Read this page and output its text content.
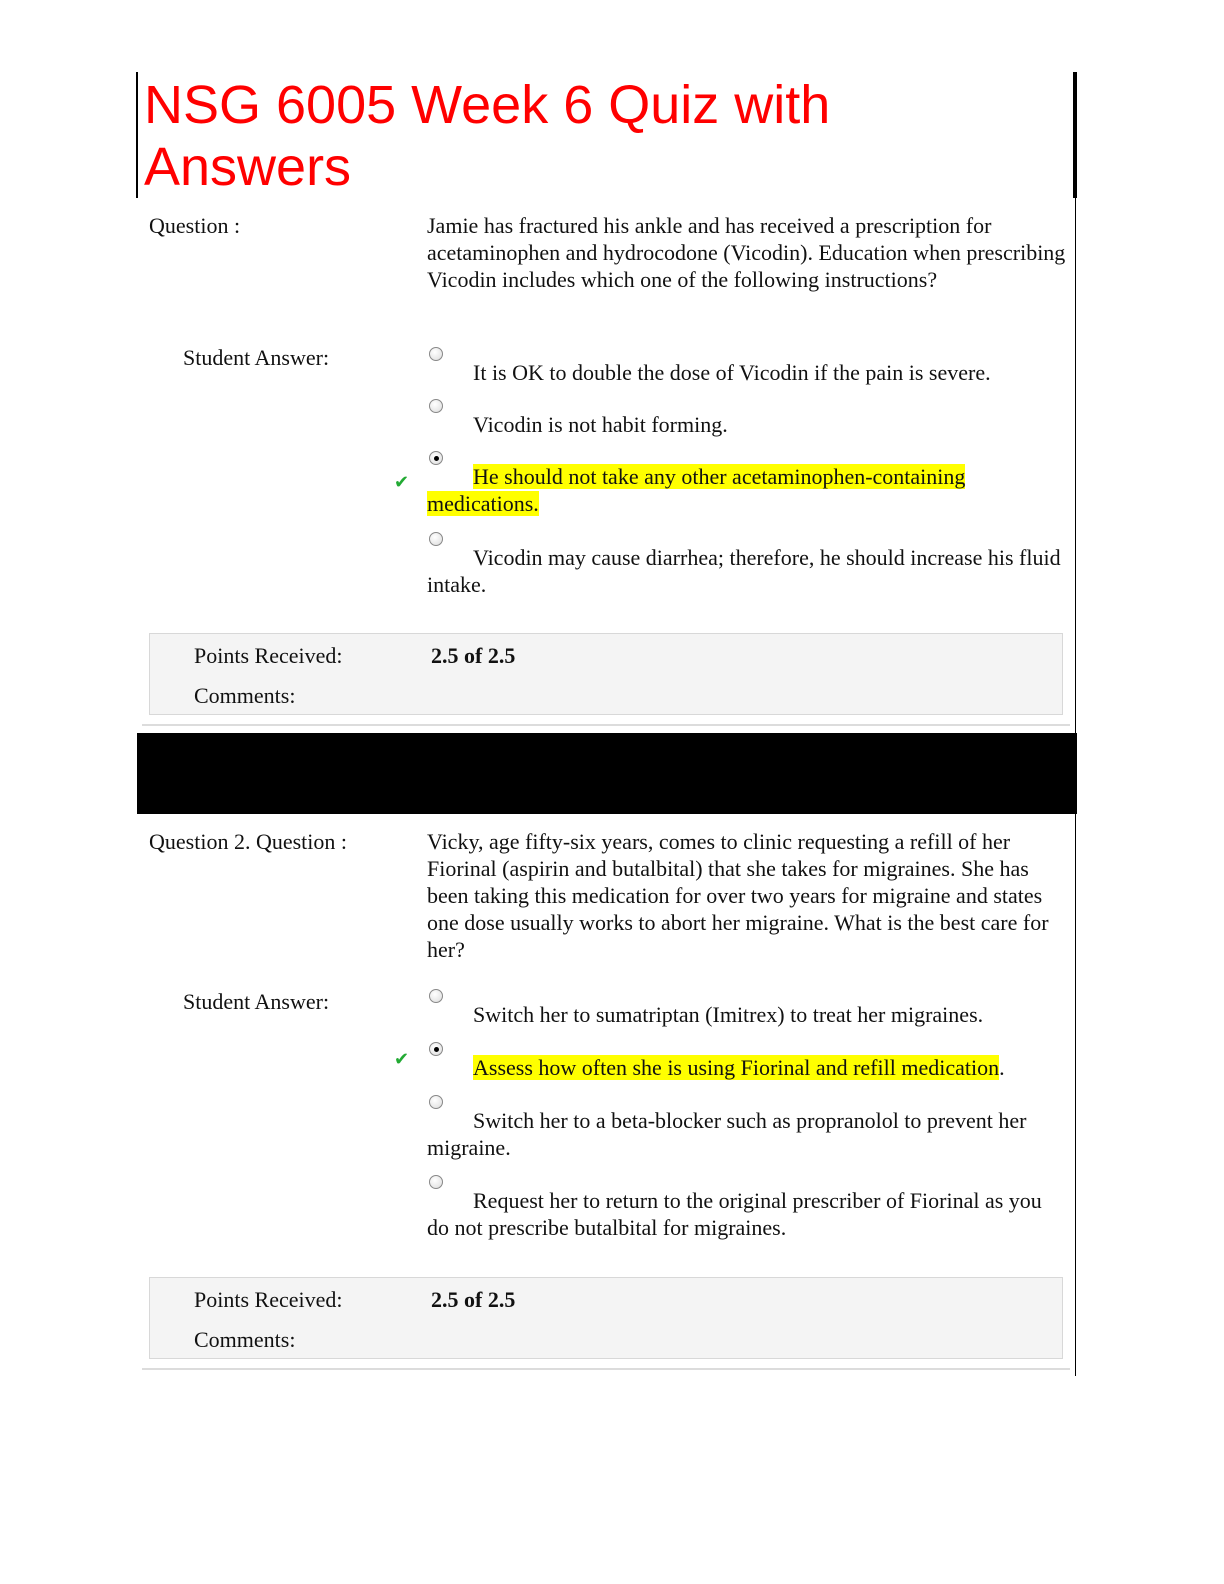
NSG 6005 Week 6 Quiz with Answers
Question :	Jamie has fractured his ankle and has received a prescription for acetaminophen and hydrocodone (Vicodin). Education when prescribing Vicodin includes which one of the following instructions?
Student Answer:
It is OK to double the dose of Vicodin if the pain is severe.
Vicodin is not habit forming.
✔	He should not take any other acetaminophen-containing medications.
Vicodin may cause diarrhea; therefore, he should increase his fluid intake.
Points Received:	2.5 of 2.5
Comments:
Question 2. Question :	Vicky, age fifty-six years, comes to clinic requesting a refill of her Fiorinal (aspirin and butalbital) that she takes for migraines. She has been taking this medication for over two years for migraine and states one dose usually works to abort her migraine. What is the best care for her?
Student Answer:
Switch her to sumatriptan (Imitrex) to treat her migraines.
✔	Assess how often she is using Fiorinal and refill medication.
Switch her to a beta-blocker such as propranolol to prevent her migraine.
Request her to return to the original prescriber of Fiorinal as you do not prescribe butalbital for migraines.
Points Received:	2.5 of 2.5
Comments:
